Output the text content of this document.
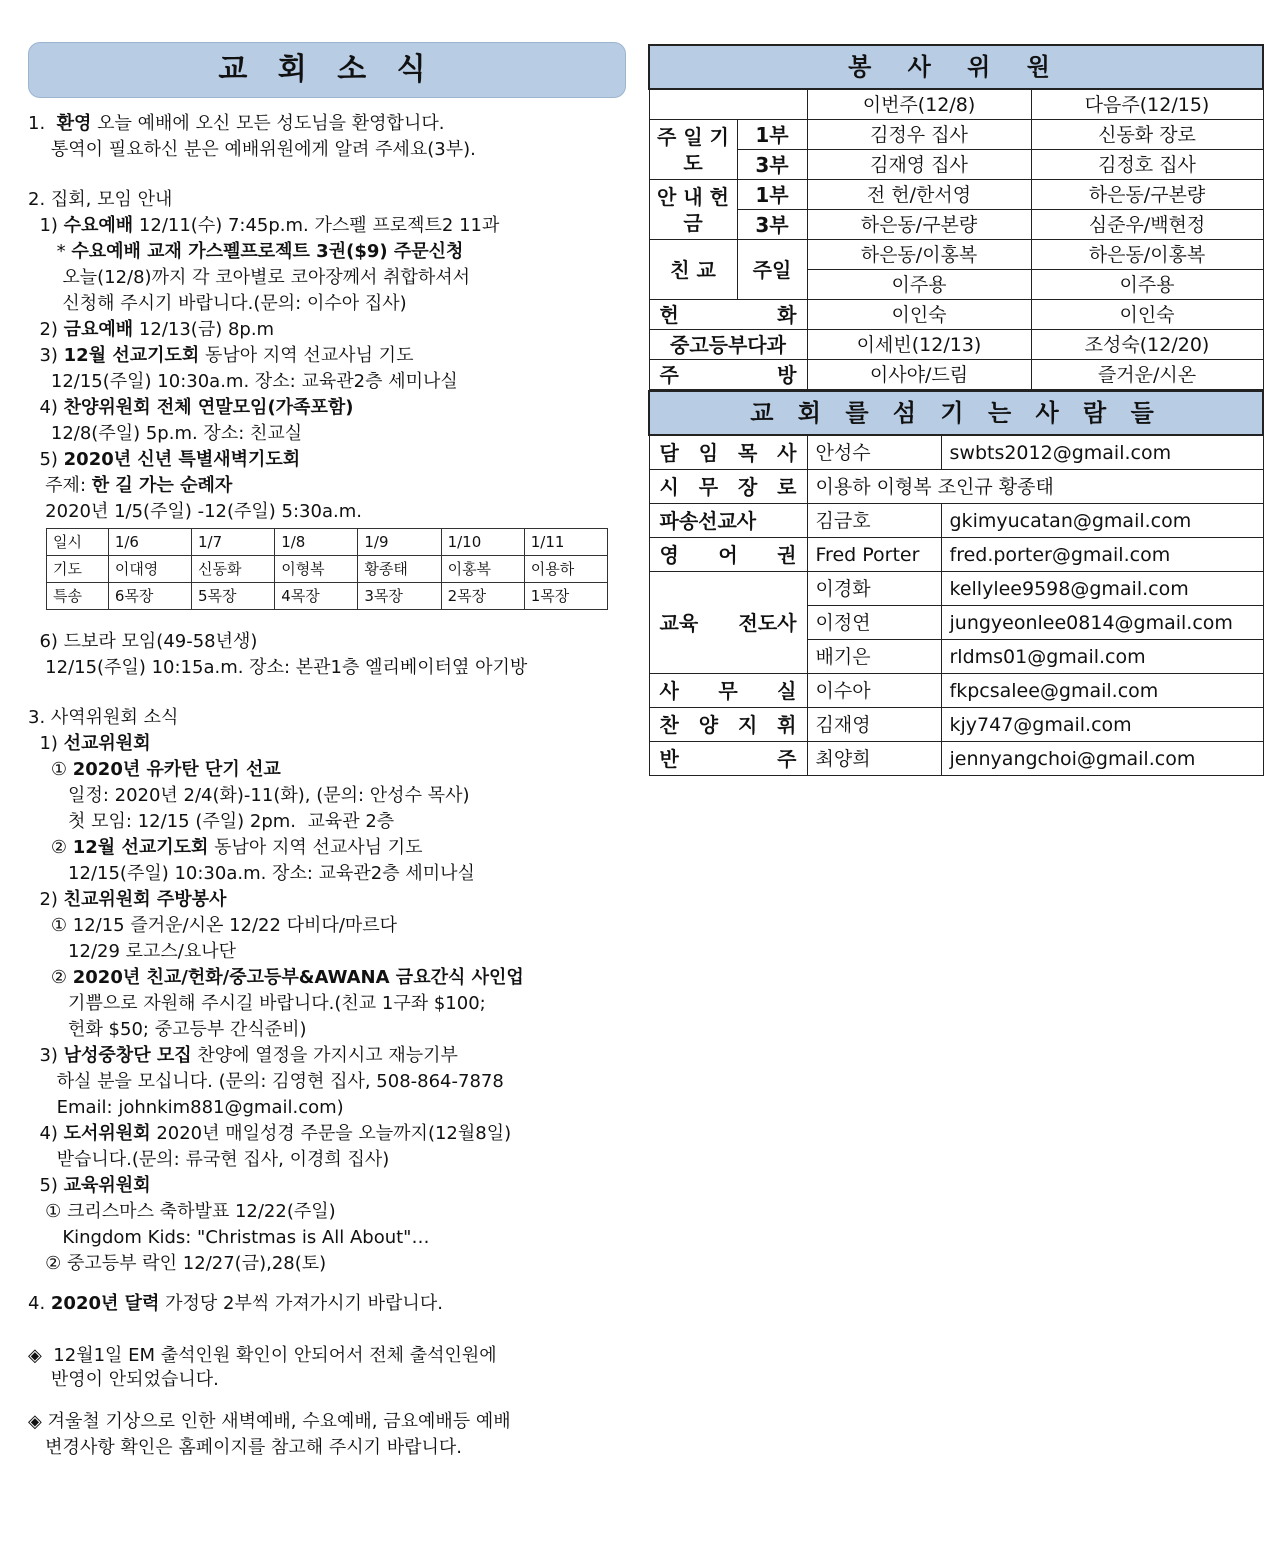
교 회 소 식
1.  환영 오늘 예배에 오신 모든 성도님을 환영합니다.
통역이 필요하신 분은 예배위원에게 알려 주세요(3부).
2. 집회, 모임 안내
1) 수요예배 12/11(수) 7:45p.m. 가스펠 프로젝트2 11과
* 수요예배 교재 가스펠프로젝트 3권($9) 주문신청
오늘(12/8)까지 각 코아별로 코아장께서 취합하셔서
신청해 주시기 바랍니다.(문의: 이수아 집사)
2) 금요예배 12/13(금) 8p.m
3) 12월 선교기도회 동남아 지역 선교사님 기도
12/15(주일) 10:30a.m. 장소: 교육관2층 세미나실
4) 찬양위원회 전체 연말모임(가족포함)
12/8(주일) 5p.m. 장소: 친교실
5) 2020년 신년 특별새벽기도회
주제: 한 길 가는 순례자
2020년 1/5(주일) -12(주일) 5:30a.m.
6) 드보라 모임(49-58년생)
12/15(주일) 10:15a.m. 장소: 본관1층 엘리베이터옆 아기방
3. 사역위원회 소식
1) 선교위원회
① 2020년 유카탄 단기 선교
일정: 2020년 2/4(화)-11(화), (문의: 안성수 목사)
첫 모임: 12/15 (주일) 2pm.  교육관 2층
② 12월 선교기도회 동남아 지역 선교사님 기도
12/15(주일) 10:30a.m. 장소: 교육관2층 세미나실
2) 친교위원회 주방봉사
① 12/15 즐거운/시온 12/22 다비다/마르다
12/29 로고스/요나단
② 2020년 친교/헌화/중고등부&AWANA 금요간식 사인업
기쁨으로 자원해 주시길 바랍니다.(친교 1구좌 $100;
헌화 $50; 중고등부 간식준비)
3) 남성중창단 모집 찬양에 열정을 가지시고 재능기부
하실 분을 모십니다. (문의: 김영현 집사, 508-864-7878
Email: johnkim881@gmail.com)
4) 도서위원회 2020년 매일성경 주문을 오늘까지(12월8일)
받습니다.(문의: 류국현 집사, 이경희 집사)
5) 교육위원회
① 크리스마스 축하발표 12/22(주일)
Kingdom Kids: "Christmas is All About"…
② 중고등부 락인 12/27(금),28(토)
4. 2020년 달력 가정당 2부씩 가져가시기 바랍니다.
◈  12월1일 EM 출석인원 확인이 안되어서 전체 출석인원에
반영이 안되었습니다.
◈ 겨울철 기상으로 인한 새벽예배, 수요예배, 금요예배등 예배
변경사항 확인은 홈페이지를 참고해 주시기 바랍니다.
일시	1/6	1/7	1/8	1/9	1/10	1/11
기도	이대영	신동화	이형복	황종태	이홍복	이용하
특송	6목장	5목장	4목장	3목장	2목장	1목장
봉 사 위 원			
		이번주(12/8)	다음주(12/15)
주 일 기 도	1부	김정우 집사	신동화 장로
	3부	김재영 집사	김정호 집사
안 내 헌 금	1부	전 헌/한서영	하은동/구본량
	3부	하은동/구본량	심준우/백현정
친 교	주일	하은동/이홍복	하은동/이홍복
		이주용	이주용
헌 화		이인숙	이인숙
중고등부다과		이세빈(12/13)	조성숙(12/20)
주 방		이사야/드림	즐거운/시온
교 회 를 섬 기 는 사 람 들		
담 임 목 사	안성수	swbts2012@gmail.com
시 무 장 로	이용하 이형복 조인규 황종태	
파송선교사	김금호	gkimyucatan@gmail.com
영 어 권	Fred Porter	fred.porter@gmail.com
교육 전도사	이경화	kellylee9598@gmail.com
	이정연	jungyeonlee0814@gmail.com
	배기은	rldms01@gmail.com
사 무 실	이수아	fkpcsalee@gmail.com
찬 양 지 휘	김재영	kjy747@gmail.com
반 주	최양희	jennyangchoi@gmail.com
